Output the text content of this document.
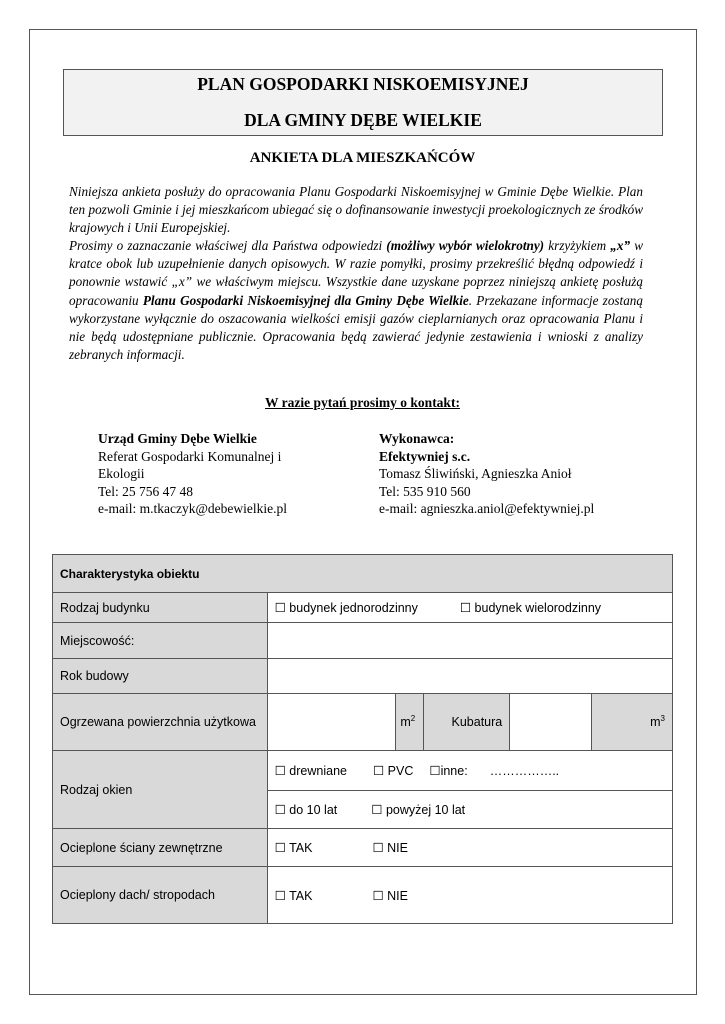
PLAN GOSPODARKI NISKOEMISYJNEJ
DLA GMINY DĘBE WIELKIE
ANKIETA DLA MIESZKAŃCÓW

Niniejsza ankieta posłuży do opracowania Planu Gospodarki Niskoemisyjnej w Gminie Dębe Wielkie. Plan ten pozwoli Gminie i jej mieszkańcom ubiegać się o dofinansowanie inwestycji proekologicznych ze środków krajowych i Unii Europejskiej.

Prosimy o zaznaczanie właściwej dla Państwa odpowiedzi (możliwy wybór wielokrotny) krzyżykiem „x” w kratce obok lub uzupełnienie danych opisowych. W razie pomyłki, prosimy przekreślić błędną odpowiedź i ponownie wstawić „x” we właściwym miejscu. Wszystkie dane uzyskane poprzez niniejszą ankietę posłużą opracowaniu Planu Gospodarki Niskoemisyjnej dla Gminy Dębe Wielkie. Przekazane informacje zostaną wykorzystane wyłącznie do oszacowania wielkości emisji gazów cieplarnianych oraz opracowania Planu i nie będą udostępniane publicznie. Opracowania będą zawierać jedynie zestawienia i wnioski z analizy zebranych informacji.

W razie pytań prosimy o kontakt:
Urząd Gminy Dębe Wielkie
Referat Gospodarki Komunalnej i
Ekologii
Tel: 25 756 47 48
e-mail: m.tkaczyk@debewielkie.pl
Wykonawca:
Efektywniej s.c.
Tomasz Śliwiński, Agnieszka Anioł
Tel: 535 910 560
e-mail: agnieszka.aniol@efektywniej.pl
Charakterystyka obiektu					
Rodzaj budynku	☐ budynek jednorodzinny ☐ budynek wielorodzinny				
Miejscowość:					
Rok budowy					
Ogrzewana powierzchnia użytkowa		$m^2$	Kubatura		$m^3$
Rodzaj okien	☐ drewniane ☐ PVC ☐inne: ……………..				
	☐ do 10 lat ☐ powyżej 10 lat				
Ocieplone ściany zewnętrzne	☐ TAK ☐ NIE				
Ocieplony dach/ stropodach	☐ TAK ☐ NIE				
